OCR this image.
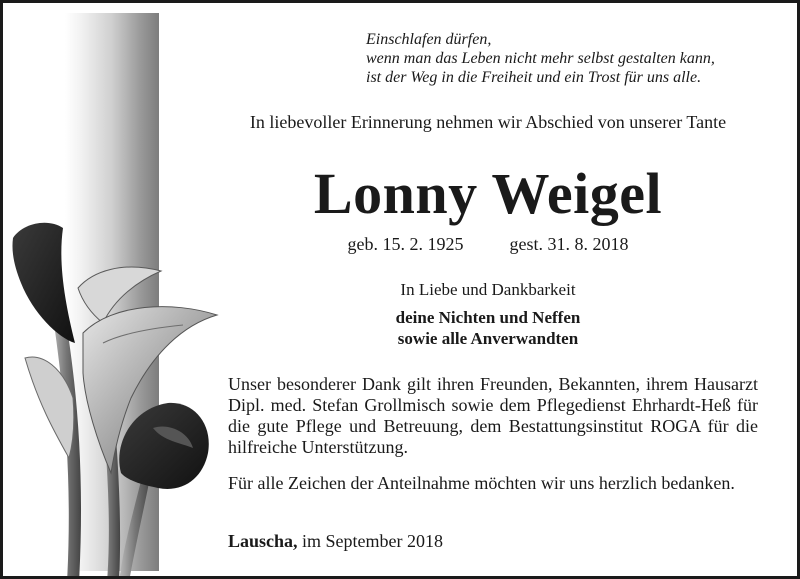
Einschlafen dürfen,
wenn man das Leben nicht mehr selbst gestalten kann,
ist der Weg in die Freiheit und ein Trost für uns alle.
In liebevoller Erinnerung nehmen wir Abschied von unserer Tante
Lonny Weigel
geb. 15. 2. 1925	gest. 31. 8. 2018
In Liebe und Dankbarkeit
deine Nichten und Neffen
sowie alle Anverwandten
Unser besonderer Dank gilt ihren Freunden, Bekannten, ihrem Hausarzt Dipl. med. Stefan Grollmisch sowie dem Pflegedienst Ehrhardt-Heß für die gute Pflege und Betreuung, dem Bestattungsinstitut ROGA für die hilfreiche Unterstützung.
Für alle Zeichen der Anteilnahme möchten wir uns herzlich bedanken.
Lauscha, im September 2018
